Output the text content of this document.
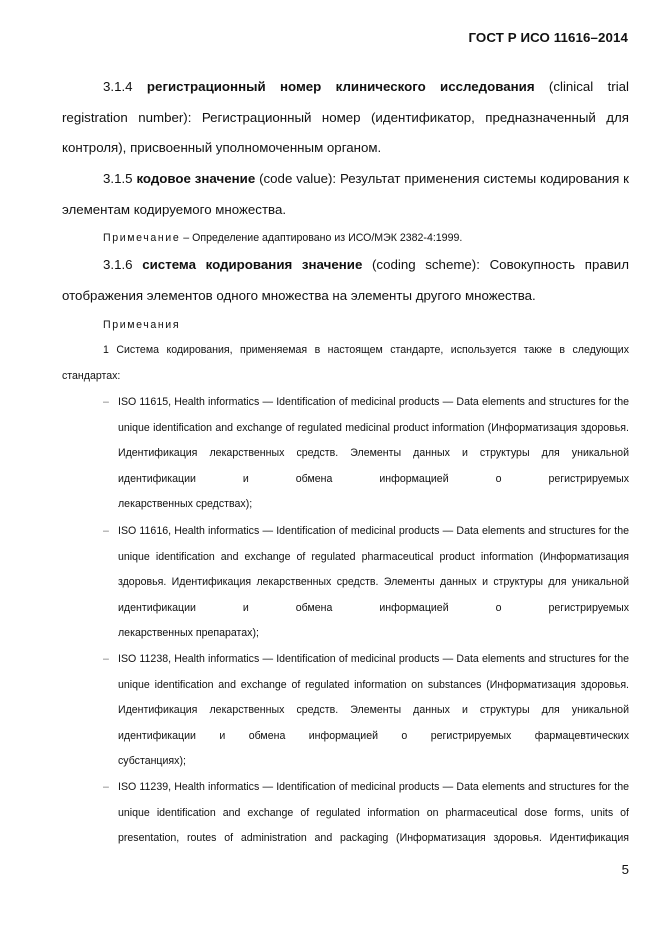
ГОСТ Р ИСО 11616–2014
3.1.4 регистрационный номер клинического исследования (clinical trial registration number): Регистрационный номер (идентификатор, предназначенный для контроля), присвоенный уполномоченным органом.
3.1.5 кодовое значение (code value): Результат применения системы кодирования к элементам кодируемого множества.
Примечание – Определение адаптировано из ИСО/МЭК 2382-4:1999.
3.1.6 система кодирования значение (coding scheme): Совокупность правил отображения элементов одного множества на элементы другого множества.
Примечания
1 Система кодирования, применяемая в настоящем стандарте, используется также в следующих стандартах:
– ISO 11615, Health informatics — Identification of medicinal products — Data elements and structures for the unique identification and exchange of regulated medicinal product information (Информатизация здоровья. Идентификация лекарственных средств. Элементы данных и структуры для уникальной идентификации и обмена информацией о регистрируемых
лекарственных средствах);
– ISO 11616, Health informatics — Identification of medicinal products — Data elements and structures for the unique identification and exchange of regulated pharmaceutical product information (Информатизация здоровья. Идентификация лекарственных средств. Элементы данных и структуры для уникальной идентификации и обмена информацией о регистрируемых
лекарственных препаратах);
– ISO 11238, Health informatics — Identification of medicinal products — Data elements and structures for the unique identification and exchange of regulated information on substances (Информатизация здоровья. Идентификация лекарственных средств. Элементы данных и структуры для уникальной идентификации и обмена информацией о регистрируемых фармацевтических
субстанциях);
– ISO 11239, Health informatics — Identification of medicinal products — Data elements and structures for the unique identification and exchange of regulated information on pharmaceutical dose forms, units of presentation, routes of administration and packaging (Информатизация здоровья. Идентификация
5
